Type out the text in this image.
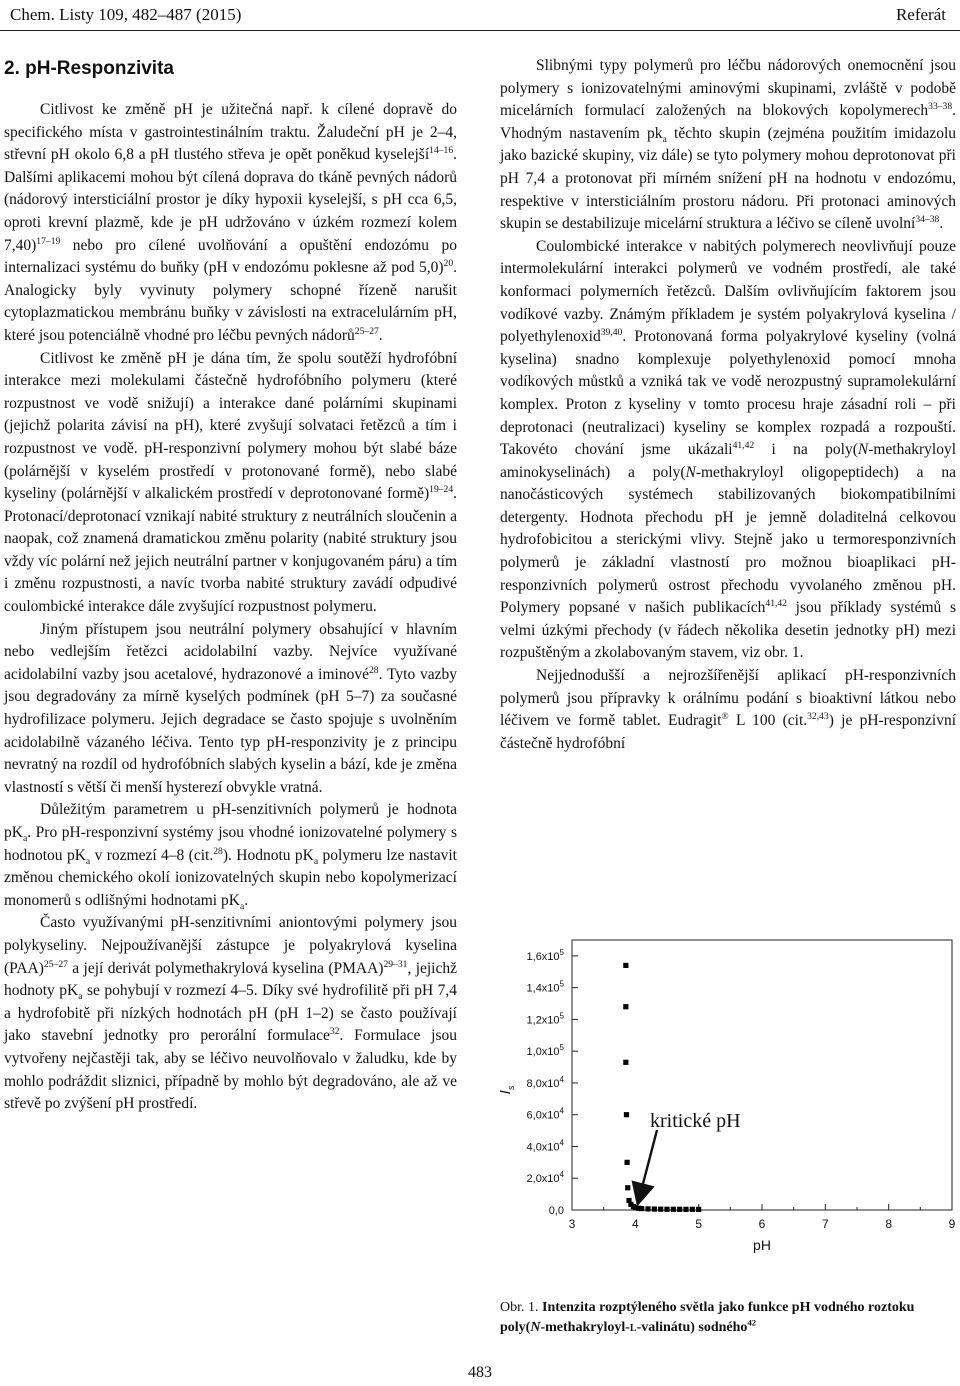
Chem. Listy 109, 482–487 (2015)	Referát
2. pH-Responzivita

Citlivost ke změně pH je užitečná např. k cílené dopravě do specifického místa v gastrointestinálním traktu. Žaludeční pH je 2–4, střevní pH okolo 6,8 a pH tlustého střeva je opět poněkud kyselejší$^{14-16}$. Dalšími aplikacemi mohou být cílená doprava do tkáně pevných nádorů (nádorový intersticiální prostor je díky hypoxii kyselejší, s pH cca 6,5, oproti krevní plazmě, kde je pH udržováno v úzkém rozmezí kolem 7,40)$^{17-19}$ nebo pro cílené uvolňování a opuštění endozómu po internalizaci systému do buňky (pH v endozómu poklesne až pod 5,0)$^{20}$. Analogicky byly vyvinuty polymery schopné řízeně narušit cytoplazmatickou membránu buňky v závislosti na extracelulárním pH, které jsou potenciálně vhodné pro léčbu pevných nádorů$^{25-27}$.

Citlivost ke změně pH je dána tím, že spolu soutěží hydrofóbní interakce mezi molekulami částečně hydrofóbního polymeru (které rozpustnost ve vodě snižují) a interakce dané polárními skupinami (jejichž polarita závisí na pH), které zvyšují solvataci řetězců a tím i rozpustnost ve vodě. pH-responzivní polymery mohou být slabé báze (polárnější v kyselém prostředí v protonované formě), nebo slabé kyseliny (polárnější v alkalickém prostředí v deprotonované formě)$^{19-24}$. Protonací/deprotonací vznikají nabité struktury z neutrálních sloučenin a naopak, což znamená dramatickou změnu polarity (nabité struktury jsou vždy víc polární než jejich neutrální partner v konjugovaném páru) a tím i změnu rozpustnosti, a navíc tvorba nabité struktury zavádí odpudivé coulombické interakce dále zvyšující rozpustnost polymeru.

Jiným přístupem jsou neutrální polymery obsahující v hlavním nebo vedlejším řetězci acidolabilní vazby. Nejvíce využívané acidolabilní vazby jsou acetalové, hydrazonové a iminové$^{28}$. Tyto vazby jsou degradovány za mírně kyselých podmínek (pH 5–7) za současné hydrofilizace polymeru. Jejich degradace se často spojuje s uvolněním acidolabilně vázaného léčiva. Tento typ pH-responzivity je z principu nevratný na rozdíl od hydrofóbních slabých kyselin a bází, kde je změna vlastností s větší či menší hysterezí obvykle vratná.

Důležitým parametrem u pH-senzitivních polymerů je hodnota $pK_a$. Pro pH-responzivní systémy jsou vhodné ionizovatelné polymery s hodnotou $pK_a$ v rozmezí 4–8 (cit.$^{28}$). Hodnotu $pK_a$ polymeru lze nastavit změnou chemického okolí ionizovatelných skupin nebo kopolymerizací monomerů s odlišnými hodnotami $pK_a$.

Často využívanými pH-senzitivními aniontovými polymery jsou polykyseliny. Nejpoužívanější zástupce je polyakrylová kyselina (PAA)$^{25-27}$ a její derivát polymethakrylová kyselina (PMAA)$^{29-31}$, jejichž hodnoty $pK_a$ se pohybují v rozmezí 4–5. Díky své hydrofilitě při pH 7,4 a hydrofobitě při nízkých hodnotách pH (pH 1–2) se často používají jako stavební jednotky pro perorální formulace$^{32}$. Formulace jsou vytvořeny nejčastěji tak, aby se léčivo neuvolňovalo v žaludku, kde by mohlo podráždit sliznici, případně by mohlo být degradováno, ale až ve střevě po zvýšení pH prostředí.

Slibnými typy polymerů pro léčbu nádorových onemocnění jsou polymery s ionizovatelnými aminovými skupinami, zvláště v podobě micelárních formulací založených na blokových kopolymerech$^{33-38}$. Vhodným nastavením $pk_a$ těchto skupin (zejména použitím imidazolu jako bazické skupiny, viz dále) se tyto polymery mohou deprotonovat při pH 7,4 a protonovat při mírném snížení pH na hodnotu v endozómu, respektive v intersticiálním prostoru nádoru. Při protonaci aminových skupin se destabilizuje micelární struktura a léčivo se cíleně uvolní$^{34-38}$.

Coulombické interakce v nabitých polymerech neovlivňují pouze intermolekulární interakci polymerů ve vodném prostředí, ale také konformaci polymerních řetězců. Dalším ovlivňujícím faktorem jsou vodíkové vazby. Známým příkladem je systém polyakrylová kyselina / polyethylenoxid$^{39,40}$. Protonovaná forma polyakrylové kyseliny (volná kyselina) snadno komplexuje polyethylenoxid pomocí mnoha vodíkových můstků a vzniká tak ve vodě nerozpustný supramolekulární komplex. Proton z kyseliny v tomto procesu hraje zásadní roli – při deprotonaci (neutralizaci) kyseliny se komplex rozpadá a rozpouští. Takovéto chování jsme ukázali$^{41,42}$ i na poly(N-methakryloyl aminokyselinách) a poly(N-methakryloyl oligopeptidech) a na nanočásticových systémech stabilizovaných biokompatibilními detergenty. Hodnota přechodu pH je jemně doladitelná celkovou hydrofobicitou a sterickými vlivy. Stejně jako u termoresponzivních polymerů je základní vlastností pro možnou bioaplikaci pH-responzivních polymerů ostrost přechodu vyvolaného změnou pH. Polymery popsané v našich publikacích$^{41,42}$ jsou příklady systémů s velmi úzkými přechody (v řádech několika desetin jednotky pH) mezi rozpuštěným a zkolabovaným stavem, viz obr. 1.

Nejjednodušší a nejrozšířenější aplikací pH-responzivních polymerů jsou přípravky k orálnímu podání s bioaktivní látkou nebo léčivem ve formě tablet. Eudragit® L 100 (cit.$^{32,43}$) je pH-responzivní částečně hydrofóbní

0,0
$2,0x10^4$
$4,0x10^4$
$6,0x10^4$
$8,0x10^4$
$1,0x10^5$
$1,2x10^5$
$1,4x10^5$
$1,6x10^5$
3	4	5	6	7	8	9
pH
$I_s$
kritické pH
Obr. 1. Intenzita rozptýleného světla jako funkce pH vodného roztoku poly(N-methakryloyl-l-valinátu) sodného$^{42}$
483
